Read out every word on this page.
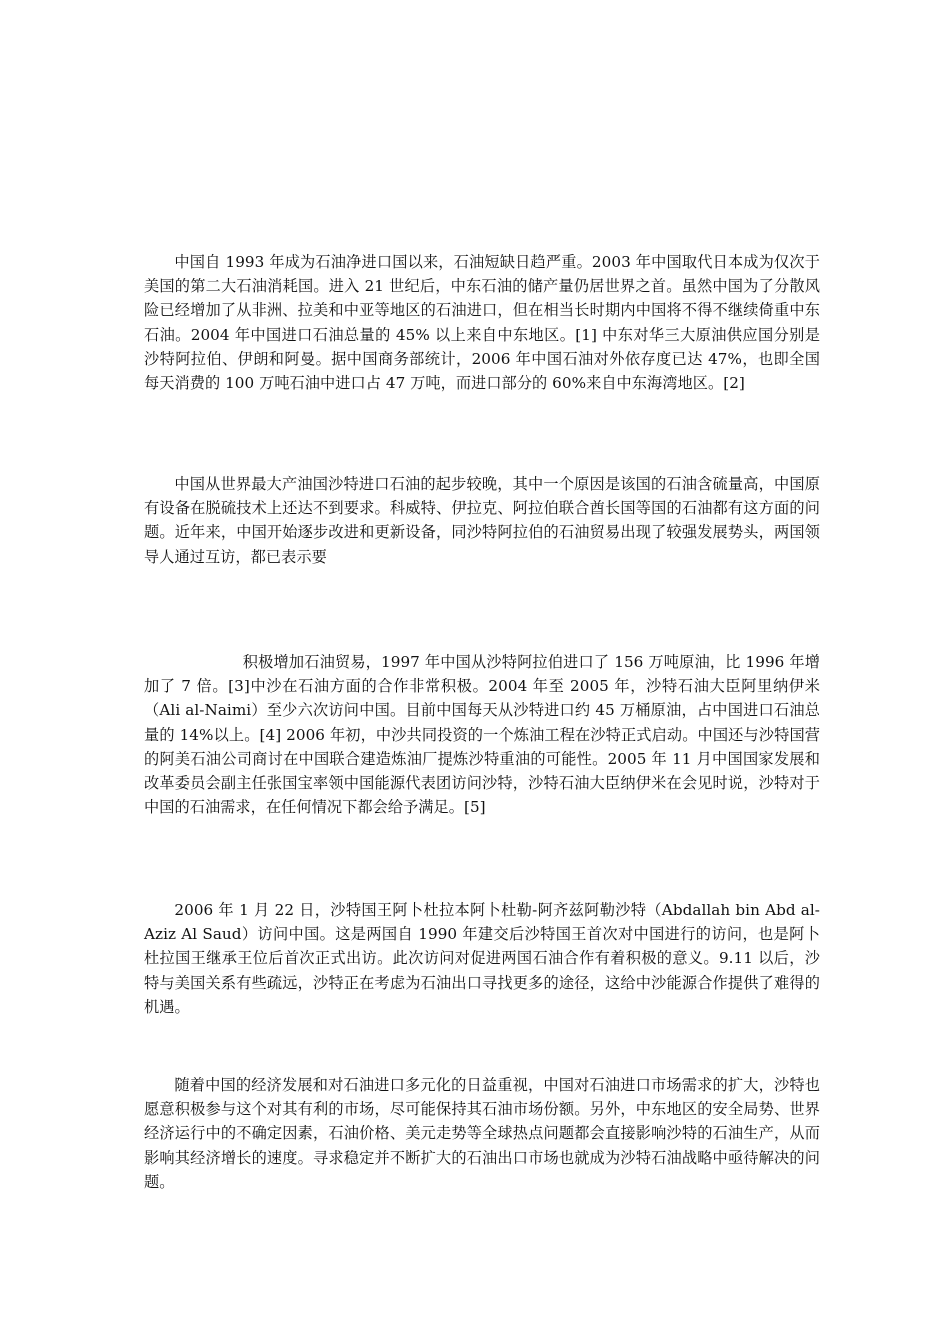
中国自 1993 年成为石油净进口国以来，石油短缺日趋严重。2003 年中国取代日本成为仅次于美国的第二大石油消耗国。进入 21 世纪后，中东石油的储产量仍居世界之首。虽然中国为了分散风险已经增加了从非洲、拉美和中亚等地区的石油进口，但在相当长时期内中国将不得不继续倚重中东石油。2004 年中国进口石油总量的 45% 以上来自中东地区。[1] 中东对华三大原油供应国分别是沙特阿拉伯、伊朗和阿曼。据中国商务部统计，2006 年中国石油对外依存度已达 47%，也即全国每天消费的 100 万吨石油中进口占 47 万吨，而进口部分的 60%来自中东海湾地区。[2]

中国从世界最大产油国沙特进口石油的起步较晚，其中一个原因是该国的石油含硫量高，中国原有设备在脱硫技术上还达不到要求。科威特、伊拉克、阿拉伯联合酋长国等国的石油都有这方面的问题。近年来，中国开始逐步改进和更新设备，同沙特阿拉伯的石油贸易出现了较强发展势头，两国领导人通过互访，都已表示要

积极增加石油贸易，1997 年中国从沙特阿拉伯进口了 156 万吨原油，比 1996 年增加了 7 倍。[3]中沙在石油方面的合作非常积极。2004 年至 2005 年，沙特石油大臣阿里纳伊米（Ali al-Naimi）至少六次访问中国。目前中国每天从沙特进口约 45 万桶原油，占中国进口石油总量的 14%以上。[4] 2006 年初，中沙共同投资的一个炼油工程在沙特正式启动。中国还与沙特国营的阿美石油公司商讨在中国联合建造炼油厂提炼沙特重油的可能性。2005 年 11 月中国国家发展和改革委员会副主任张国宝率领中国能源代表团访问沙特，沙特石油大臣纳伊米在会见时说，沙特对于中国的石油需求，在任何情况下都会给予满足。[5]

2006 年 1 月 22 日，沙特国王阿卜杜拉本阿卜杜勒-阿齐兹阿勒沙特（Abdallah bin Abd al-Aziz Al Saud）访问中国。这是两国自 1990 年建交后沙特国王首次对中国进行的访问，也是阿卜杜拉国王继承王位后首次正式出访。此次访问对促进两国石油合作有着积极的意义。9.11 以后，沙特与美国关系有些疏远，沙特正在考虑为石油出口寻找更多的途径，这给中沙能源合作提供了难得的机遇。

随着中国的经济发展和对石油进口多元化的日益重视，中国对石油进口市场需求的扩大，沙特也愿意积极参与这个对其有利的市场，尽可能保持其石油市场份额。另外，中东地区的安全局势、世界经济运行中的不确定因素，石油价格、美元走势等全球热点问题都会直接影响沙特的石油生产，从而影响其经济增长的速度。寻求稳定并不断扩大的石油出口市场也就成为沙特石油战略中亟待解决的问题。
